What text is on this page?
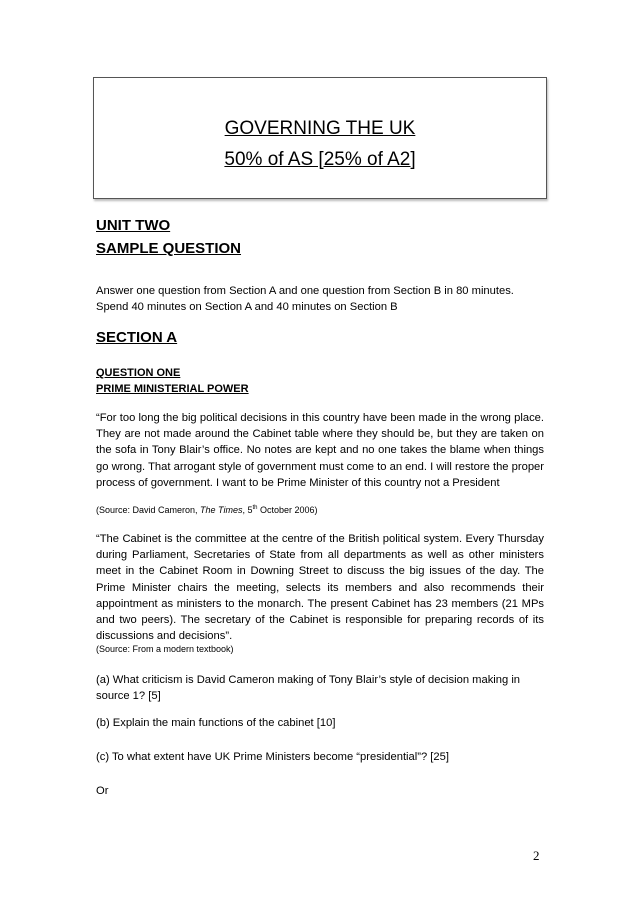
GOVERNING THE UK
50% of AS [25% of A2]
UNIT TWO
SAMPLE QUESTION

Answer one question from Section A and one question from Section B in 80 minutes.

Spend 40 minutes on Section A and 40 minutes on Section B

SECTION A
QUESTION ONE
PRIME MINISTERIAL POWER
“For too long the big political decisions in this country have been made in the wrong place. They are not made around the Cabinet table where they should be, but they are taken on the sofa in Tony Blair’s office. No notes are kept and no one takes the blame when things go wrong. That arrogant style of government must come to an end. I will restore the proper process of government. I want to be Prime Minister of this country not a President
(Source: David Cameron, The Times, 5th October 2006)
“The Cabinet is the committee at the centre of the British political system. Every Thursday during Parliament, Secretaries of State from all departments as well as other ministers meet in the Cabinet Room in Downing Street to discuss the big issues of the day. The Prime Minister chairs the meeting, selects its members and also recommends their appointment as ministers to the monarch. The present Cabinet has 23 members (21 MPs and two peers). The secretary of the Cabinet is responsible for preparing records of its discussions and decisions”.
(Source: From a modern textbook)
(a) What criticism is David Cameron making of Tony Blair’s style of decision making in source 1? [5]
(b) Explain the main functions of the cabinet [10]
(c) To what extent have UK Prime Ministers become “presidential”? [25]
Or
2
